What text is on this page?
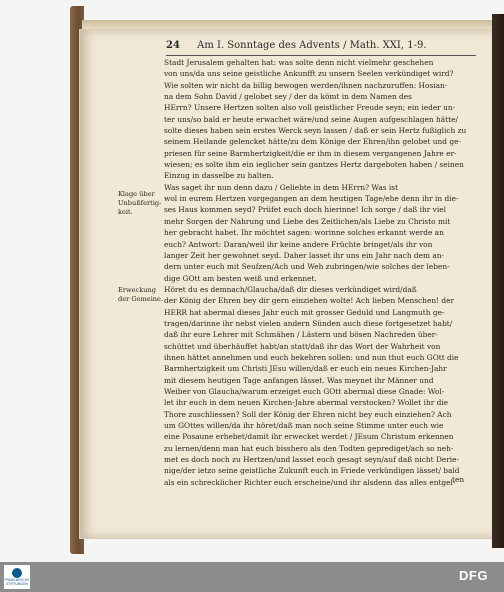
24 Am I. Sonntage des Advents / Math. XXI, 1-9.
Stadt Jerusalem gehalten hat: was solte denn nicht vielmehr geschehen
von uns/da uns seine geistliche Ankunfft zu unsern Seelen verkündiget wird?
Wie solten wir nicht da billig bewogen werden/ihnen nachzuruffen: Hosian-
na dem Sohn David / gelobet sey / der da kömt in dem Namen des
HErrn? Unsere Hertzen solten also voll geistlicher Freude seyn; ein ieder un-
ter uns/so bald er heute erwachet wäre/und seine Augen aufgeschlagen hätte/
solte dieses haben sein erstes Werck seyn lassen / daß er sein Hertz fußiglich zu
seinem Heilande gelencket hätte/zu dem Könige der Ehren/ihn gelobet und ge-
priesen für seine Barmhertzigkeit/die er ihm in diesem vergangenen Jahre er-
wiesen; es solte ihm ein iеglicher sein gantzes Hertz dargeboten haben / seinen
Einzug in dasselbe zu halten.
Was saget ihr nun denn dazu / Geliebte in dem HErrn? Was ist
wol in eurem Hertzen vorgegangen an dem heutigen Tage/ehe denn ihr in die-
ses Haus kommen seyd? Prüfet euch doch hierinne! Ich sorge / daß ihr viel
mehr Sorgen der Nahrung und Liebe des Zeitlichen/als Liebe zu Christo mit
her gebracht habet. Ihr möchtet sagen: worinne solches erkannt werde an
euch? Antwort: Daran/weil ihr keine andere Früchte bringet/als ihr von
langer Zeit her gewohnet seyd. Daher lasset ihr uns ein Jahr nach dem an-
dern unter euch mit Seufzen/Ach und Weh zubringen/wie solches der leben-
dige GOtt am besten weiß und erkennet.
Höret du es demnach/Glaucha/daß dir dieses verkündiget wird/daß
der König der Ehren bey dir gern einziehen wolte! Ach lieben Menschen! der
HERR hat abermal dieses Jahr euch mit grosser Geduld und Langmuth ge-
tragen/darinne ihr nebst vielen andern Sünden auch diese fortgesetzet habt/
daß ihr eure Lehrer mit Schmähen / Lästern und bösen Nachreden über-
schüttet und überhäuffet habt/an statt/daß ihr das Wort der Wahrheit von
ihnen hättet annehmen und euch bekehren sollen: und nun thut euch GOtt die
Barmhertzigkeit um Christi JEsu willen/daß er euch ein neues Kirchen-Jahr
mit diesem heutigen Tage anfangen lässet. Was meynet ihr Männer und
Weiber von Glaucha/warum erzeiget euch GOtt abermal diese Gnade: Wol-
let ihr euch in dem neuen Kirchen-Jahre abermal verstocken? Wollet ihr die
Thore zuschliessen? Soll der König der Ehren nicht bey euch einziehen? Ach
um GOttes willen/da ihr höret/daß man noch seine Stimme unter euch wie
eine Posaune erhebet/damit ihr erwecket werdet / JEsum Christum erkennen
zu lernen/denn man hat euch bisshero als den Todten geprediget/ach so neh-
met es doch noch zu Hertzen/und lasset euch gesagt seyn/auf daß nicht Derie-
nige/der ietzo seine geistliche Zukunft euch in Friede verkündigen lässet/ bald
als ein schrecklicher Richter euch erscheine/und ihr alsdenn das alles entgel-
Klage über
Unbußfertig-
keit.
Erweckung
der Gemeine.
ten
FRANCKESCHE STIFTUNGEN
DFG
